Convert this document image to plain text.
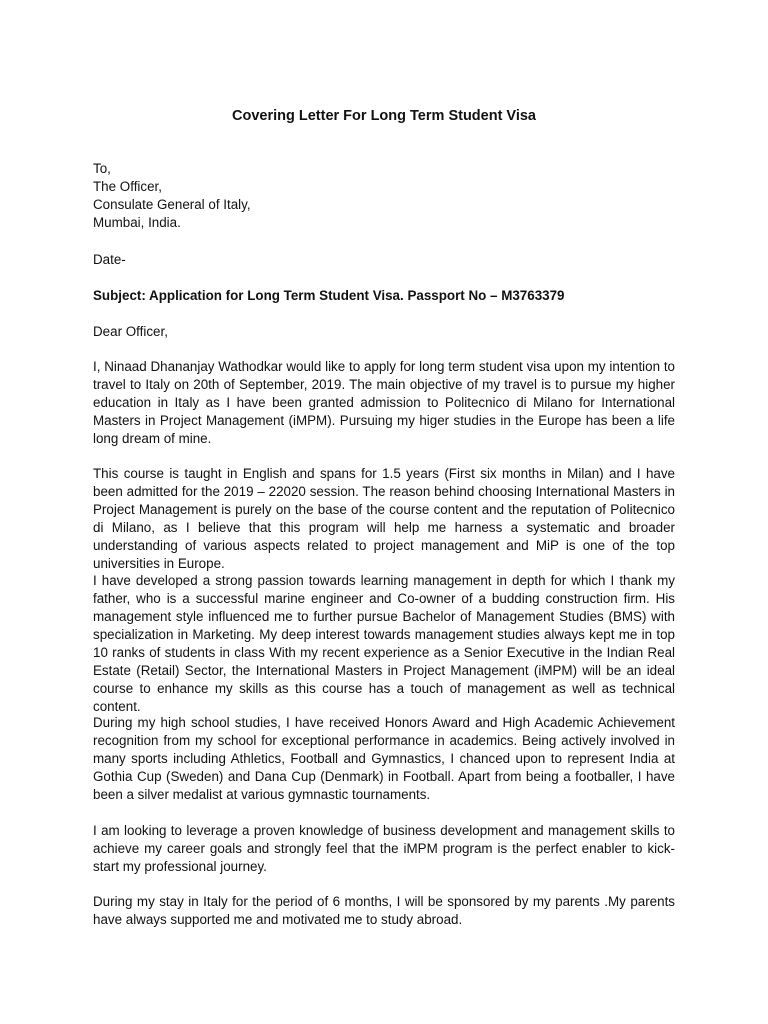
Covering Letter For Long Term Student Visa
To,
The Officer,
Consulate General of Italy,
Mumbai, India.
Date-
Subject: Application for Long Term Student Visa. Passport No – M3763379
Dear Officer,
I, Ninaad Dhananjay Wathodkar would like to apply for long term student visa upon my intention to travel to Italy on 20th of September, 2019. The main objective of my travel is to pursue my higher education in Italy as I have been granted admission to Politecnico di Milano for International Masters in Project Management (iMPM). Pursuing my higer studies in the Europe has been a life long dream of mine.
This course is taught in English and spans for 1.5 years (First six months in Milan) and I have been admitted for the 2019 – 22020 session. The reason behind choosing International Masters in Project Management is purely on the base of the course content and the reputation of Politecnico di Milano, as I believe that this program will help me harness a systematic and broader understanding of various aspects related to project management and MiP is one of the top universities in Europe.
I have developed a strong passion towards learning management in depth for which I thank my father, who is a successful marine engineer and Co-owner of a budding construction firm. His management style influenced me to further pursue Bachelor of Management Studies (BMS) with specialization in Marketing. My deep interest towards management studies always kept me in top 10 ranks of students in class With my recent experience as a Senior Executive in the Indian Real Estate (Retail) Sector, the International Masters in Project Management (iMPM) will be an ideal course to enhance my skills as this course has a touch of management as well as technical content.
During my high school studies, I have received Honors Award and High Academic Achievement recognition from my school for exceptional performance in academics. Being actively involved in many sports including Athletics, Football and Gymnastics, I chanced upon to represent India at Gothia Cup (Sweden) and Dana Cup (Denmark) in Football. Apart from being a footballer, I have been a silver medalist at various gymnastic tournaments.
I am looking to leverage a proven knowledge of business development and management skills to achieve my career goals and strongly feel that the iMPM program is the perfect enabler to kick-start my professional journey.
During my stay in Italy for the period of 6 months, I will be sponsored by my parents .My parents have always supported me and motivated me to study abroad.
